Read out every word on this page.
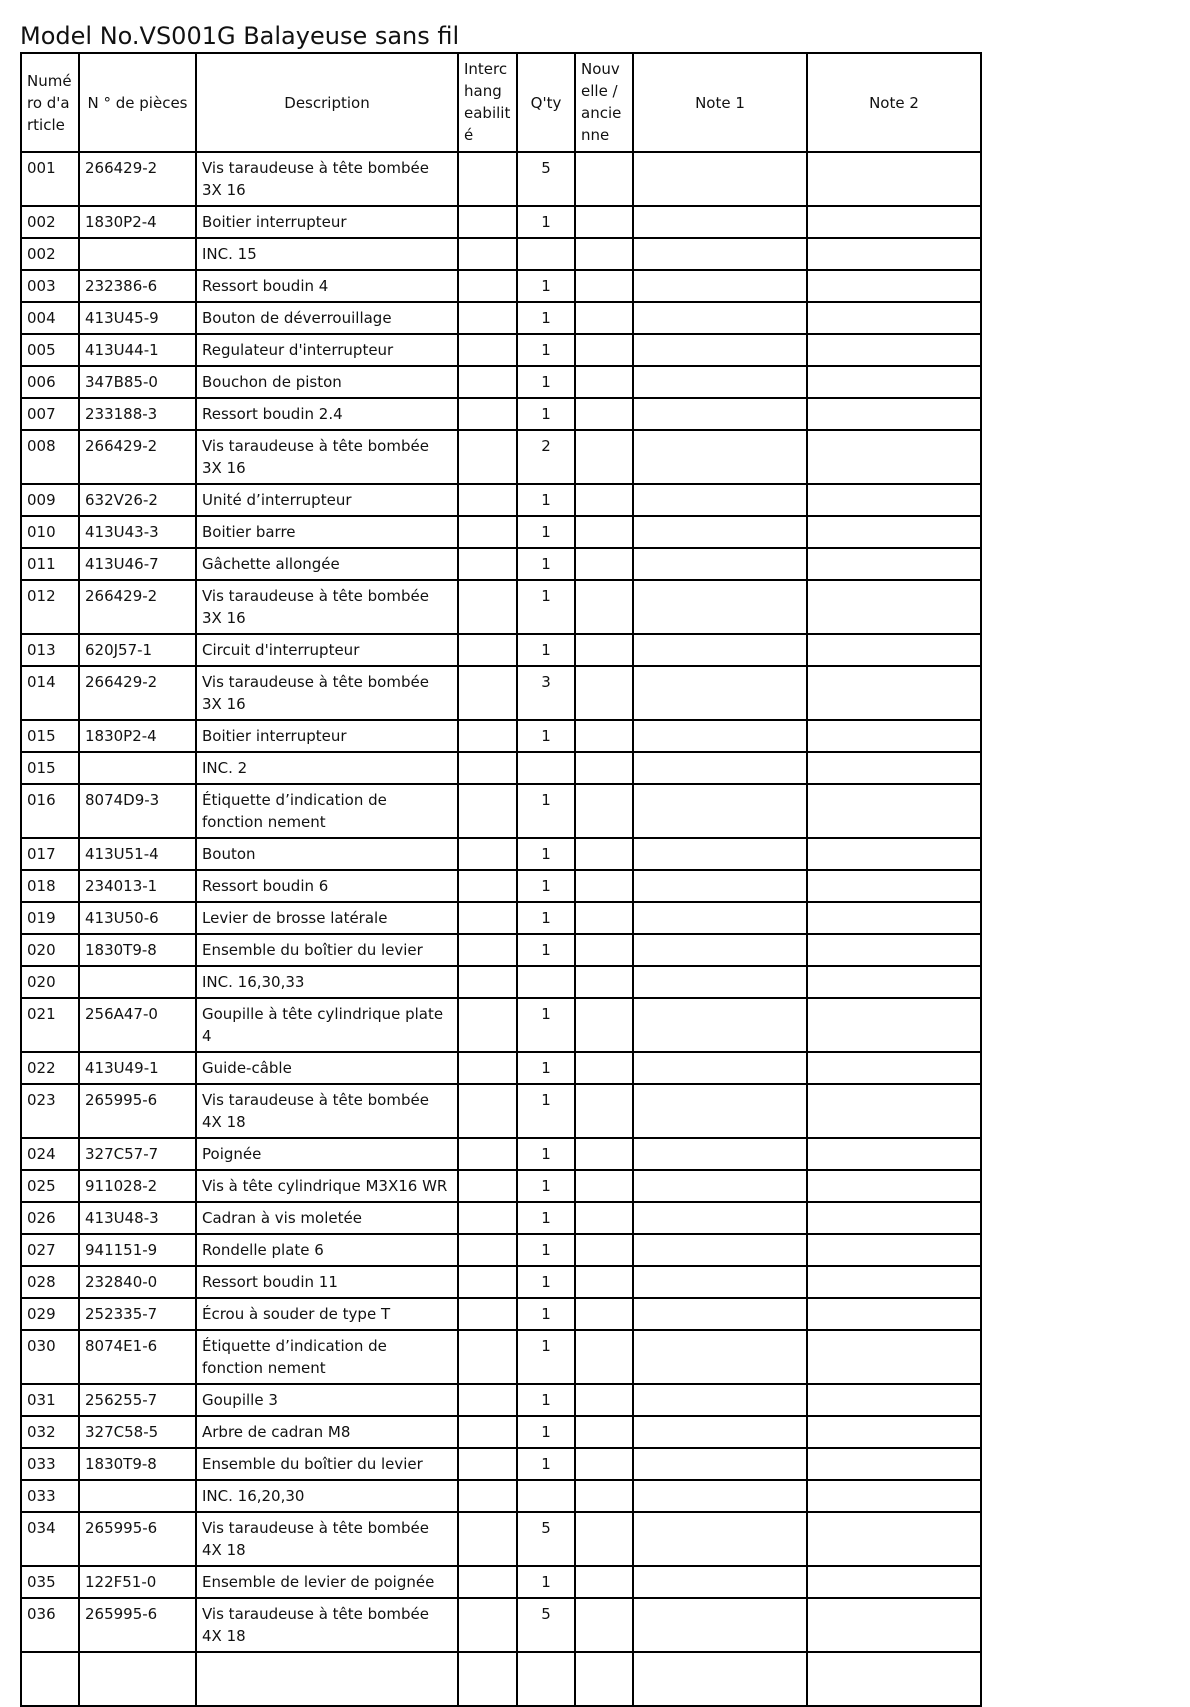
Model No.VS001G Balayeuse sans fil
Numé ro d'a rticle	N ° de pièces	Description	Interc hang eabilit é	Q'ty	Nouv elle / ancie nne	Note 1	Note 2
001	266429-2	Vis taraudeuse à tête bombée 3X 16		5			
002	1830P2-4	Boitier interrupteur		1			
002		INC. 15					
003	232386-6	Ressort boudin 4		1			
004	413U45-9	Bouton de déverrouillage		1			
005	413U44-1	Regulateur d'interrupteur		1			
006	347B85-0	Bouchon de piston		1			
007	233188-3	Ressort boudin 2.4		1			
008	266429-2	Vis taraudeuse à tête bombée 3X 16		2			
009	632V26-2	Unité d’interrupteur		1			
010	413U43-3	Boitier barre		1			
011	413U46-7	Gâchette allongée		1			
012	266429-2	Vis taraudeuse à tête bombée 3X 16		1			
013	620J57-1	Circuit d'interrupteur		1			
014	266429-2	Vis taraudeuse à tête bombée 3X 16		3			
015	1830P2-4	Boitier interrupteur		1			
015		INC. 2					
016	8074D9-3	Étiquette d’indication de fonction nement		1			
017	413U51-4	Bouton		1			
018	234013-1	Ressort boudin 6		1			
019	413U50-6	Levier de brosse latérale		1			
020	1830T9-8	Ensemble du boîtier du levier		1			
020		INC. 16,30,33					
021	256A47-0	Goupille à tête cylindrique plate 4		1			
022	413U49-1	Guide-câble		1			
023	265995-6	Vis taraudeuse à tête bombée 4X 18		1			
024	327C57-7	Poignée		1			
025	911028-2	Vis à tête cylindrique M3X16 WR		1			
026	413U48-3	Cadran à vis moletée		1			
027	941151-9	Rondelle plate 6		1			
028	232840-0	Ressort boudin 11		1			
029	252335-7	Écrou à souder de type T		1			
030	8074E1-6	Étiquette d’indication de fonction nement		1			
031	256255-7	Goupille 3		1			
032	327C58-5	Arbre de cadran M8		1			
033	1830T9-8	Ensemble du boîtier du levier		1			
033		INC. 16,20,30					
034	265995-6	Vis taraudeuse à tête bombée 4X 18		5			
035	122F51-0	Ensemble de levier de poignée		1			
036	265995-6	Vis taraudeuse à tête bombée 4X 18		5			
